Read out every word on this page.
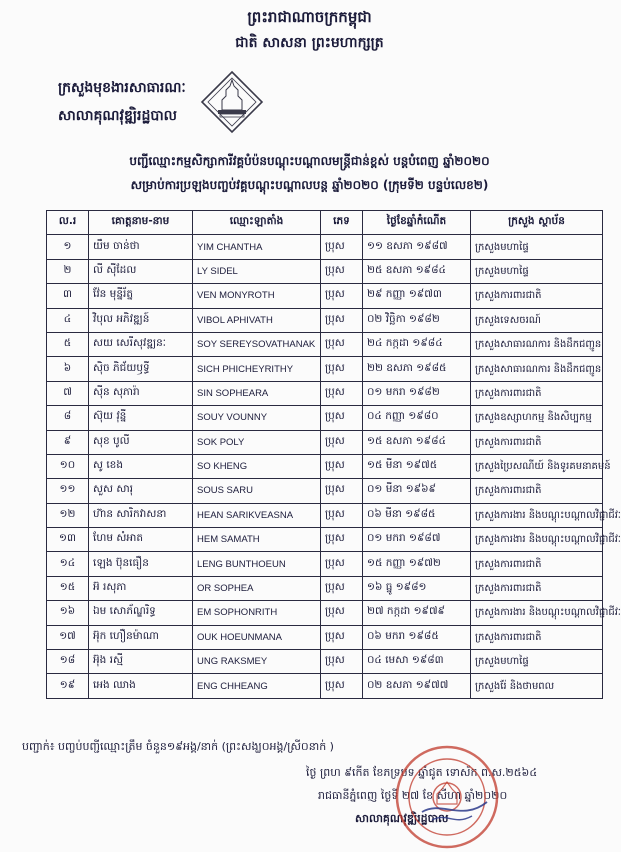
ព្រះរាជាណាចក្រកម្ពុជា
ជាតិ សាសនា ព្រះមហាក្សត្រ
ក្រសួងមុខងារសាធារណៈ
សាលាគុណវុឌ្ឍិរដ្ឋបាល
បញ្ជីឈ្មោះកម្មសិក្សាការីវគ្គបំប៉នបណ្តុះបណ្តាលមន្ត្រីជាន់ខ្ពស់ បន្តបំពេញ ឆ្នាំ២០២០
សម្រាប់ការប្រឡងបញ្ចប់វគ្គបណ្តុះបណ្តាលបន្ត ឆ្នាំ២០២០ (ក្រុមទី២ បន្ទប់លេខ២)
ល.រ	គោត្តនាម-នាម	ឈ្មោះឡាតាំង	ភេទ	ថ្ងៃខែឆ្នាំកំណើត	ក្រសួង ស្ថាប័ន
១	យឹម ចាន់ថា	YIM CHANTHA	ប្រុស	១១ ឧសភា ១៩៨៧	ក្រសួងមហាផ្ទៃ
២	លី ស៊ីដែល	LY SIDEL	ប្រុស	២៥ ឧសភា ១៩៨៤	ក្រសួងមហាផ្ទៃ
៣	វ៉ែន មុន្នីរ័ត្ន	VEN MONYROTH	ប្រុស	២៩ កញ្ញា ១៩៧៣	ក្រសួងការពារជាតិ
៤	វិបុល អភិវឌ្ឍន៍	VIBOL APHIVATH	ប្រុស	០២ វិច្ឆិកា ១៩៨២	ក្រសួងទេសចរណ៍
៥	សយ សេរីសុវឌ្ឍនៈ	SOY SEREYSOVATHANAK	ប្រុស	២៤ កក្កដា ១៩៨៤	ក្រសួងសាធារណការ និងដឹកជញ្ជូន
៦	ស៊ិច ភិជ័យឫទ្ធី	SICH PHICHEYRITHY	ប្រុស	២២ ឧសភា ១៩៨៥	ក្រសួងសាធារណការ និងដឹកជញ្ជូន
៧	ស៊ីន សុភារ៉ា	SIN SOPHEARA	ប្រុស	០១ មករា ១៩៨២	ក្រសួងការពារជាតិ
៨	ស៊ុយ វុន្នី	SOUY VOUNNY	ប្រុស	០៤ កញ្ញា ១៩៨០	ក្រសួងឧស្សាហកម្ម និងសិប្បកម្ម
៩	សុខ បូលី	SOK POLY	ប្រុស	១៥ ឧសភា ១៩៨៤	ក្រសួងការពារជាតិ
១០	សូ ខេង	SO KHENG	ប្រុស	១៥ មីនា ១៩៧៥	ក្រសួងប្រៃសណីយ៍ និងទូរគមនាគមន៍
១១	សួស សារុ	SOUS SARU	ប្រុស	០១ មីនា ១៩៦៩	ក្រសួងការពារជាតិ
១២	ហ៊ាន សារិកវាសនា	HEAN SARIKVEASNA	ប្រុស	០៦ មីនា ១៩៨៥	ក្រសួងការងារ និងបណ្តុះបណ្តាលវិជ្ជាជីវៈ
១៣	ហែម សំអាត	HEM SAMATH	ប្រុស	០១ មករា ១៩៨៧	ក្រសួងការងារ និងបណ្តុះបណ្តាលវិជ្ជាជីវៈ
១៤	ឡេង ប៊ុនធឿន	LENG BUNTHOEUN	ប្រុស	១៥ កញ្ញា ១៩៧២	ក្រសួងការពារជាតិ
១៥	អ៊ រសុភា	OR SOPHEA	ប្រុស	១៦ ធ្នូ ១៩៨១	ក្រសួងការពារជាតិ
១៦	ឯម សោភ័ណ្ឌរិទ្ធ	EM SOPHONRITH	ប្រុស	២៧ កក្កដា ១៩៧៩	ក្រសួងការងារ និងបណ្តុះបណ្តាលវិជ្ជាជីវៈ
១៧	អ៊ុក ហឿនម៉ាណា	OUK HOEUNMANA	ប្រុស	០៦ មករា ១៩៨៥	ក្រសួងការពារជាតិ
១៨	អ៊ុង រស្មី	UNG RAKSMEY	ប្រុស	០៤ មេសា ១៩៨៣	ក្រសួងមហាផ្ទៃ
១៩	អេង ឈាង	ENG CHHEANG	ប្រុស	០២ ឧសភា ១៩៧៧	ក្រសួងរ៉ែ និងថាមពល
បញ្ជាក់៖ បញ្ចប់បញ្ជីឈ្មោះត្រឹម ចំនួន១៩អង្គ/នាក់ (ព្រះសង្ឃ០អង្គ/ស្រី០នាក់ )
ថ្ងៃ ព្រហ ៩កើត ខែភទ្របទ ឆ្នាំជូត ទោស័ក ព.ស.២៥៦៤
រាជធានីភ្នំពេញ ថ្ងៃទី ២៧ ខែ សីហា ឆ្នាំ២០២០
សាលាគុណវុឌ្ឍិរដ្ឋបាល
